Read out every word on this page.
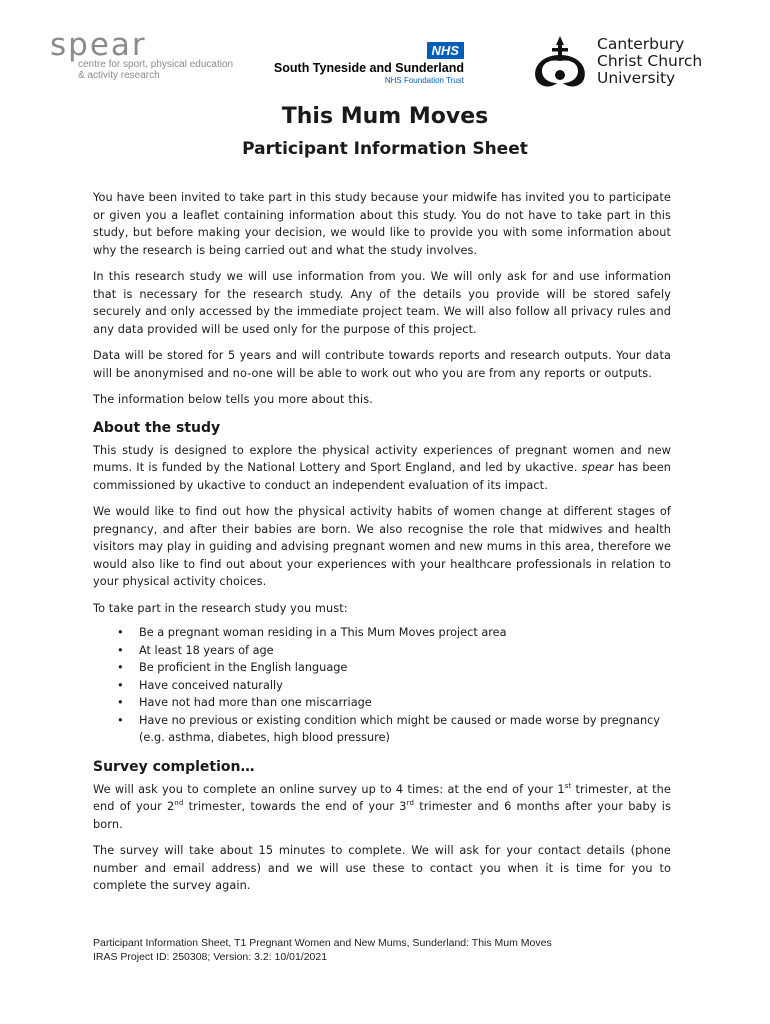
spear
centre for sport, physical education
& activity research
NHS
South Tyneside and Sunderland
NHS Foundation Trust
Canterbury
Christ Church
University
This Mum Moves
Participant Information Sheet

You have been invited to take part in this study because your midwife has invited you to participate or given you a leaflet containing information about this study. You do not have to take part in this study, but before making your decision, we would like to provide you with some information about why the research is being carried out and what the study involves.

In this research study we will use information from you. We will only ask for and use information that is necessary for the research study. Any of the details you provide will be stored safely securely and only accessed by the immediate project team. We will also follow all privacy rules and any data provided will be used only for the purpose of this project.

Data will be stored for 5 years and will contribute towards reports and research outputs. Your data will be anonymised and no-one will be able to work out who you are from any reports or outputs.

The information below tells you more about this.

About the study

This study is designed to explore the physical activity experiences of pregnant women and new mums. It is funded by the National Lottery and Sport England, and led by ukactive. spear has been commissioned by ukactive to conduct an independent evaluation of its impact.

We would like to find out how the physical activity habits of women change at different stages of pregnancy, and after their babies are born. We also recognise the role that midwives and health visitors may play in guiding and advising pregnant women and new mums in this area, therefore we would also like to find out about your experiences with your healthcare professionals in relation to your physical activity choices.

To take part in the research study you must:

• Be a pregnant woman residing in a This Mum Moves project area
• At least 18 years of age
• Be proficient in the English language
• Have conceived naturally
• Have not had more than one miscarriage
• Have no previous or existing condition which might be caused or made worse by pregnancy (e.g. asthma, diabetes, high blood pressure)
Survey completion…

We will ask you to complete an online survey up to 4 times: at the end of your 1st trimester, at the end of your 2nd trimester, towards the end of your 3rd trimester and 6 months after your baby is born.

The survey will take about 15 minutes to complete. We will ask for your contact details (phone number and email address) and we will use these to contact you when it is time for you to complete the survey again.

Participant Information Sheet, T1 Pregnant Women and New Mums, Sunderland: This Mum Moves
IRAS Project ID: 250308; Version: 3.2: 10/01/2021
